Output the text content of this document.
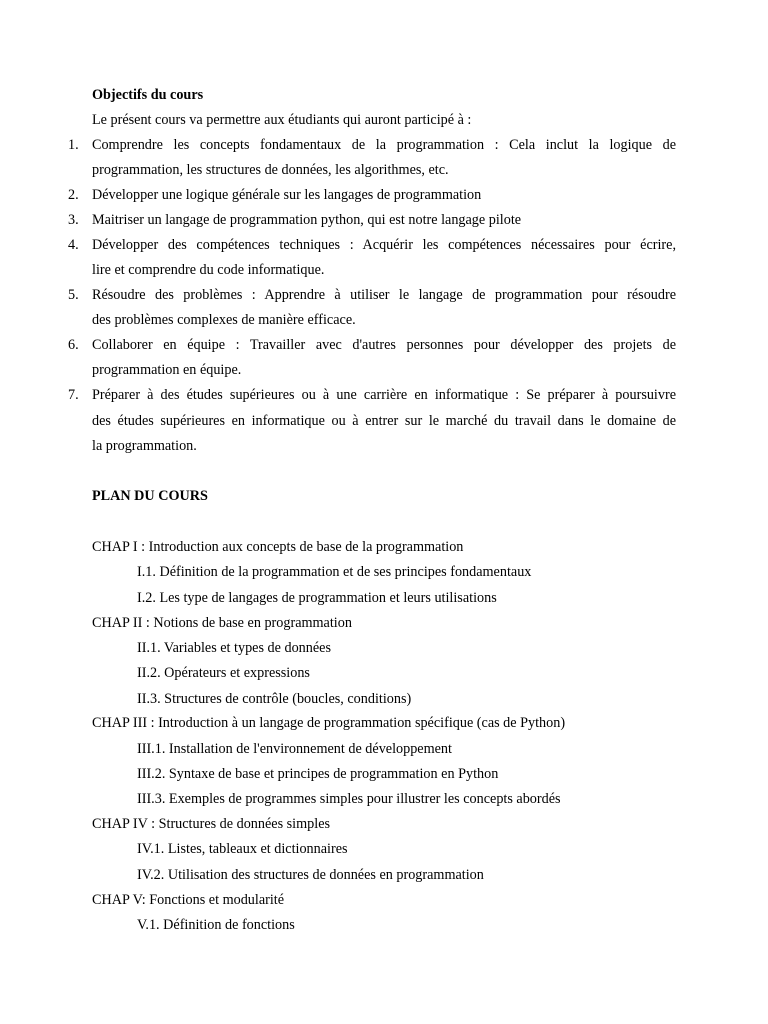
Objectifs du cours
Le présent cours va permettre aux étudiants qui auront participé à :
1. Comprendre les concepts fondamentaux de la programmation : Cela inclut la logique de
programmation, les structures de données, les algorithmes, etc.
2. Développer une logique générale sur les langages de programmation
3. Maitriser un langage de programmation python, qui est notre langage pilote
4. Développer des compétences techniques : Acquérir les compétences nécessaires pour écrire,
lire et comprendre du code informatique.
5. Résoudre des problèmes : Apprendre à utiliser le langage de programmation pour résoudre
des problèmes complexes de manière efficace.
6. Collaborer en équipe : Travailler avec d'autres personnes pour développer des projets de
programmation en équipe.
7. Préparer à des études supérieures ou à une carrière en informatique : Se préparer à poursuivre
des études supérieures en informatique ou à entrer sur le marché du travail dans le domaine de
la programmation.
PLAN DU COURS
CHAP I : Introduction aux concepts de base de la programmation
I.1. Définition de la programmation et de ses principes fondamentaux
I.2. Les type de langages de programmation et leurs utilisations
CHAP II : Notions de base en programmation
II.1. Variables et types de données
II.2. Opérateurs et expressions
II.3. Structures de contrôle (boucles, conditions)
CHAP III : Introduction à un langage de programmation spécifique (cas de Python)
III.1. Installation de l'environnement de développement
III.2. Syntaxe de base et principes de programmation en Python
III.3. Exemples de programmes simples pour illustrer les concepts abordés
CHAP IV : Structures de données simples
IV.1. Listes, tableaux et dictionnaires
IV.2. Utilisation des structures de données en programmation
CHAP V: Fonctions et modularité
V.1. Définition de fonctions
